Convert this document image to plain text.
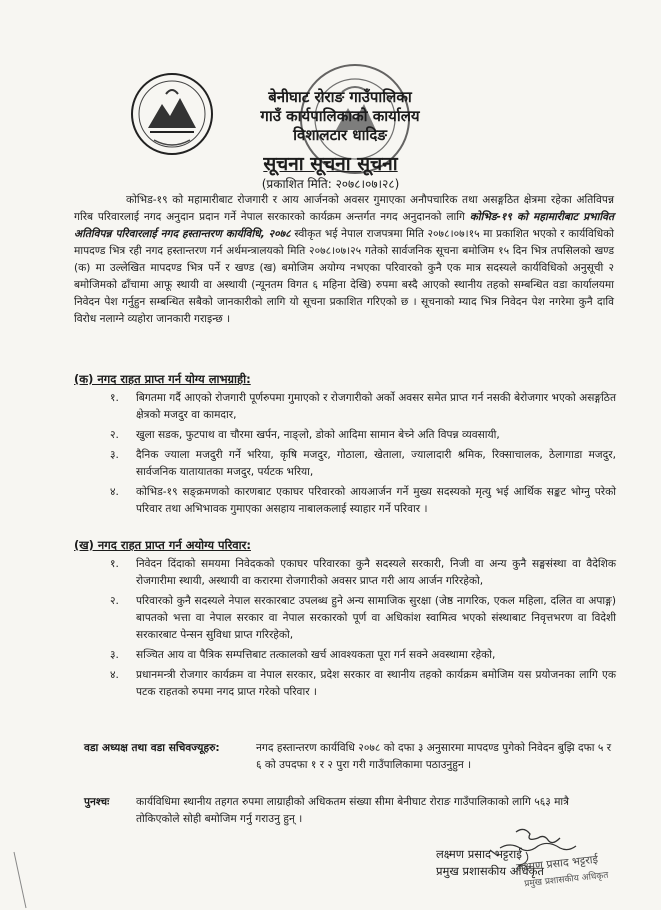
बेनीघाट रोराङ गाउँपालिका
गाउँ कार्यपालिकाको कार्यालय
विशालटार धादिङ
सूचना सूचना सूचना
(प्रकाशित मिति: २०७८।०७।२८)
कोभिड-१९ को महामारीबाट रोजगारी र आय आर्जनको अवसर गुमाएका अनौपचारिक तथा असङ्गठित क्षेत्रमा रहेका अतिविपन्न गरिब परिवारलाई नगद अनुदान प्रदान गर्ने नेपाल सरकारको कार्यक्रम अन्तर्गत नगद अनुदानको लागि कोभिड-१९ को महामारीबाट प्रभावित अतिविपन्न परिवारलाई नगद हस्तान्तरण कार्यविधि, २०७८ स्वीकृत भई नेपाल राजपत्रमा मिति २०७८।०७।१५ मा प्रकाशित भएको र कार्यविधिको मापदण्ड भित्र रही नगद हस्तान्तरण गर्न अर्थमन्त्रालयको मिति २०७८।०७।२५ गतेको सार्वजनिक सूचना बमोजिम १५ दिन भित्र तपसिलको खण्ड (क) मा उल्लेखित मापदण्ड भित्र पर्ने र खण्ड (ख) बमोजिम अयोग्य नभएका परिवारको कुनै एक मात्र सदस्यले कार्यविधिको अनुसूची २ बमोजिमको ढाँचामा आफू स्थायी वा अस्थायी (न्यूनतम विगत ६ महिना देखि) रुपमा बस्दै आएको स्थानीय तहको सम्बन्धित वडा कार्यालयमा निवेदन पेश गर्नुहुन सम्बन्धित सबैको जानकारीको लागि यो सूचना प्रकाशित गरिएको छ । सूचनाको म्याद भित्र निवेदन पेश नगरेमा कुनै दावि विरोध नलाग्ने व्यहोरा जानकारी गराइन्छ ।
(क) नगद राहत प्राप्त गर्न योग्य लाभग्राही:
१. बिगतमा गर्दै आएको रोजगारी पूर्णरुपमा गुमाएको र रोजगारीको अर्को अवसर समेत प्राप्त गर्न नसकी बेरोजगार भएको असङ्गठित क्षेत्रको मजदुर वा कामदार,
२. खुला सडक, फुटपाथ वा चौरमा खर्पन, नाङ्लो, डोको आदिमा सामान बेच्ने अति विपन्न व्यवसायी,
३. दैनिक ज्याला मजदुरी गर्ने भरिया, कृषि मजदुर, गोठाला, खेताला, ज्यालादारी श्रमिक, रिक्साचालक, ठेलागाडा मजदुर, सार्वजनिक यातायातका मजदुर, पर्यटक भरिया,
४. कोभिड-१९ सङ्क्रमणको कारणबाट एकाघर परिवारको आयआर्जन गर्ने मुख्य सदस्यको मृत्यु भई आर्थिक सङ्कट भोग्नु परेको परिवार तथा अभिभावक गुमाएका असहाय नाबालकलाई स्याहार गर्ने परिवार ।
(ख) नगद राहत प्राप्त गर्न अयोग्य परिवार:
१. निवेदन दिंदाको समयमा निवेदकको एकाघर परिवारका कुनै सदस्यले सरकारी, निजी वा अन्य कुनै सङ्घसंस्था वा वैदेशिक रोजगारीमा स्थायी, अस्थायी वा करारमा रोजगारीको अवसर प्राप्त गरी आय आर्जन गरिरहेको,
२. परिवारको कुनै सदस्यले नेपाल सरकारबाट उपलब्ध हुने अन्य सामाजिक सुरक्षा (जेष्ठ नागरिक, एकल महिला, दलित वा अपाङ्ग) बापतको भत्ता वा नेपाल सरकार वा नेपाल सरकारको पूर्ण वा अधिकांश स्वामित्व भएको संस्थाबाट निवृत्तभरण वा विदेशी सरकारबाट पेन्सन सुविधा प्राप्त गरिरहेको,
३. सञ्चित आय वा पैत्रिक सम्पत्तिबाट तत्कालको खर्च आवश्यकता पूरा गर्न सक्ने अवस्थामा रहेको,
४. प्रधानमन्त्री रोजगार कार्यक्रम वा नेपाल सरकार, प्रदेश सरकार वा स्थानीय तहको कार्यक्रम बमोजिम यस प्रयोजनका लागि एक पटक राहतको रुपमा नगद प्राप्त गरेको परिवार ।
वडा अध्यक्ष तथा वडा सचिवज्यूहरु:	नगद हस्तान्तरण कार्यविधि २०७८ को दफा ३ अनुसारमा मापदण्ड पुगेको निवेदन बुझि दफा ५ र ६ को उपदफा १ र २ पुरा गरी गाउँपालिकामा पठाउनुहुन ।
पुनश्चः	कार्यविधिमा स्थानीय तहगत रुपमा लाग्राहीको अधिकतम संख्या सीमा बेनीघाट रोराङ गाउँपालिकाको लागि ५६३ मात्रै तोकिएकोले सोही बमोजिम गर्नु गराउनु हुन् ।
लक्ष्मण प्रसाद भट्टराई
प्रमुख प्रशासकीय अधिकृत
लक्ष्मण प्रसाद भट्टराई
प्रमुख प्रशासकीय अधिकृत
